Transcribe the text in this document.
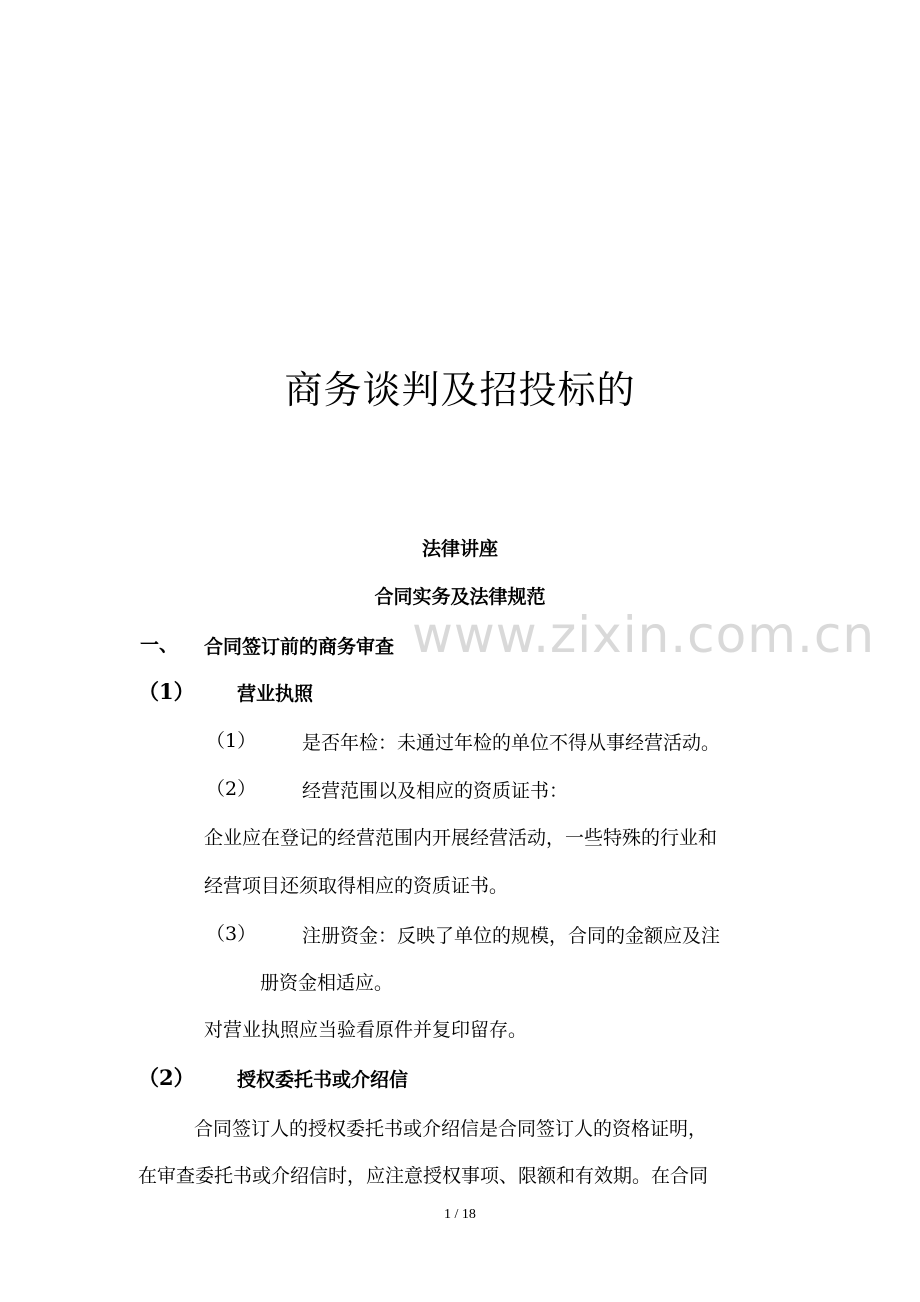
商务谈判及招投标的
法律讲座
合同实务及法律规范
www.zixin.com.cn
一、 合同签订前的商务审查
（1） 营业执照
（1） 是否年检：未通过年检的单位不得从事经营活动。
（2） 经营范围以及相应的资质证书：
企业应在登记的经营范围内开展经营活动，一些特殊的行业和
经营项目还须取得相应的资质证书。
（3） 注册资金：反映了单位的规模，合同的金额应及注
册资金相适应。
对营业执照应当验看原件并复印留存。
（2） 授权委托书或介绍信
合同签订人的授权委托书或介绍信是合同签订人的资格证明，
在审查委托书或介绍信时，应注意授权事项、限额和有效期。在合同
1 / 18
